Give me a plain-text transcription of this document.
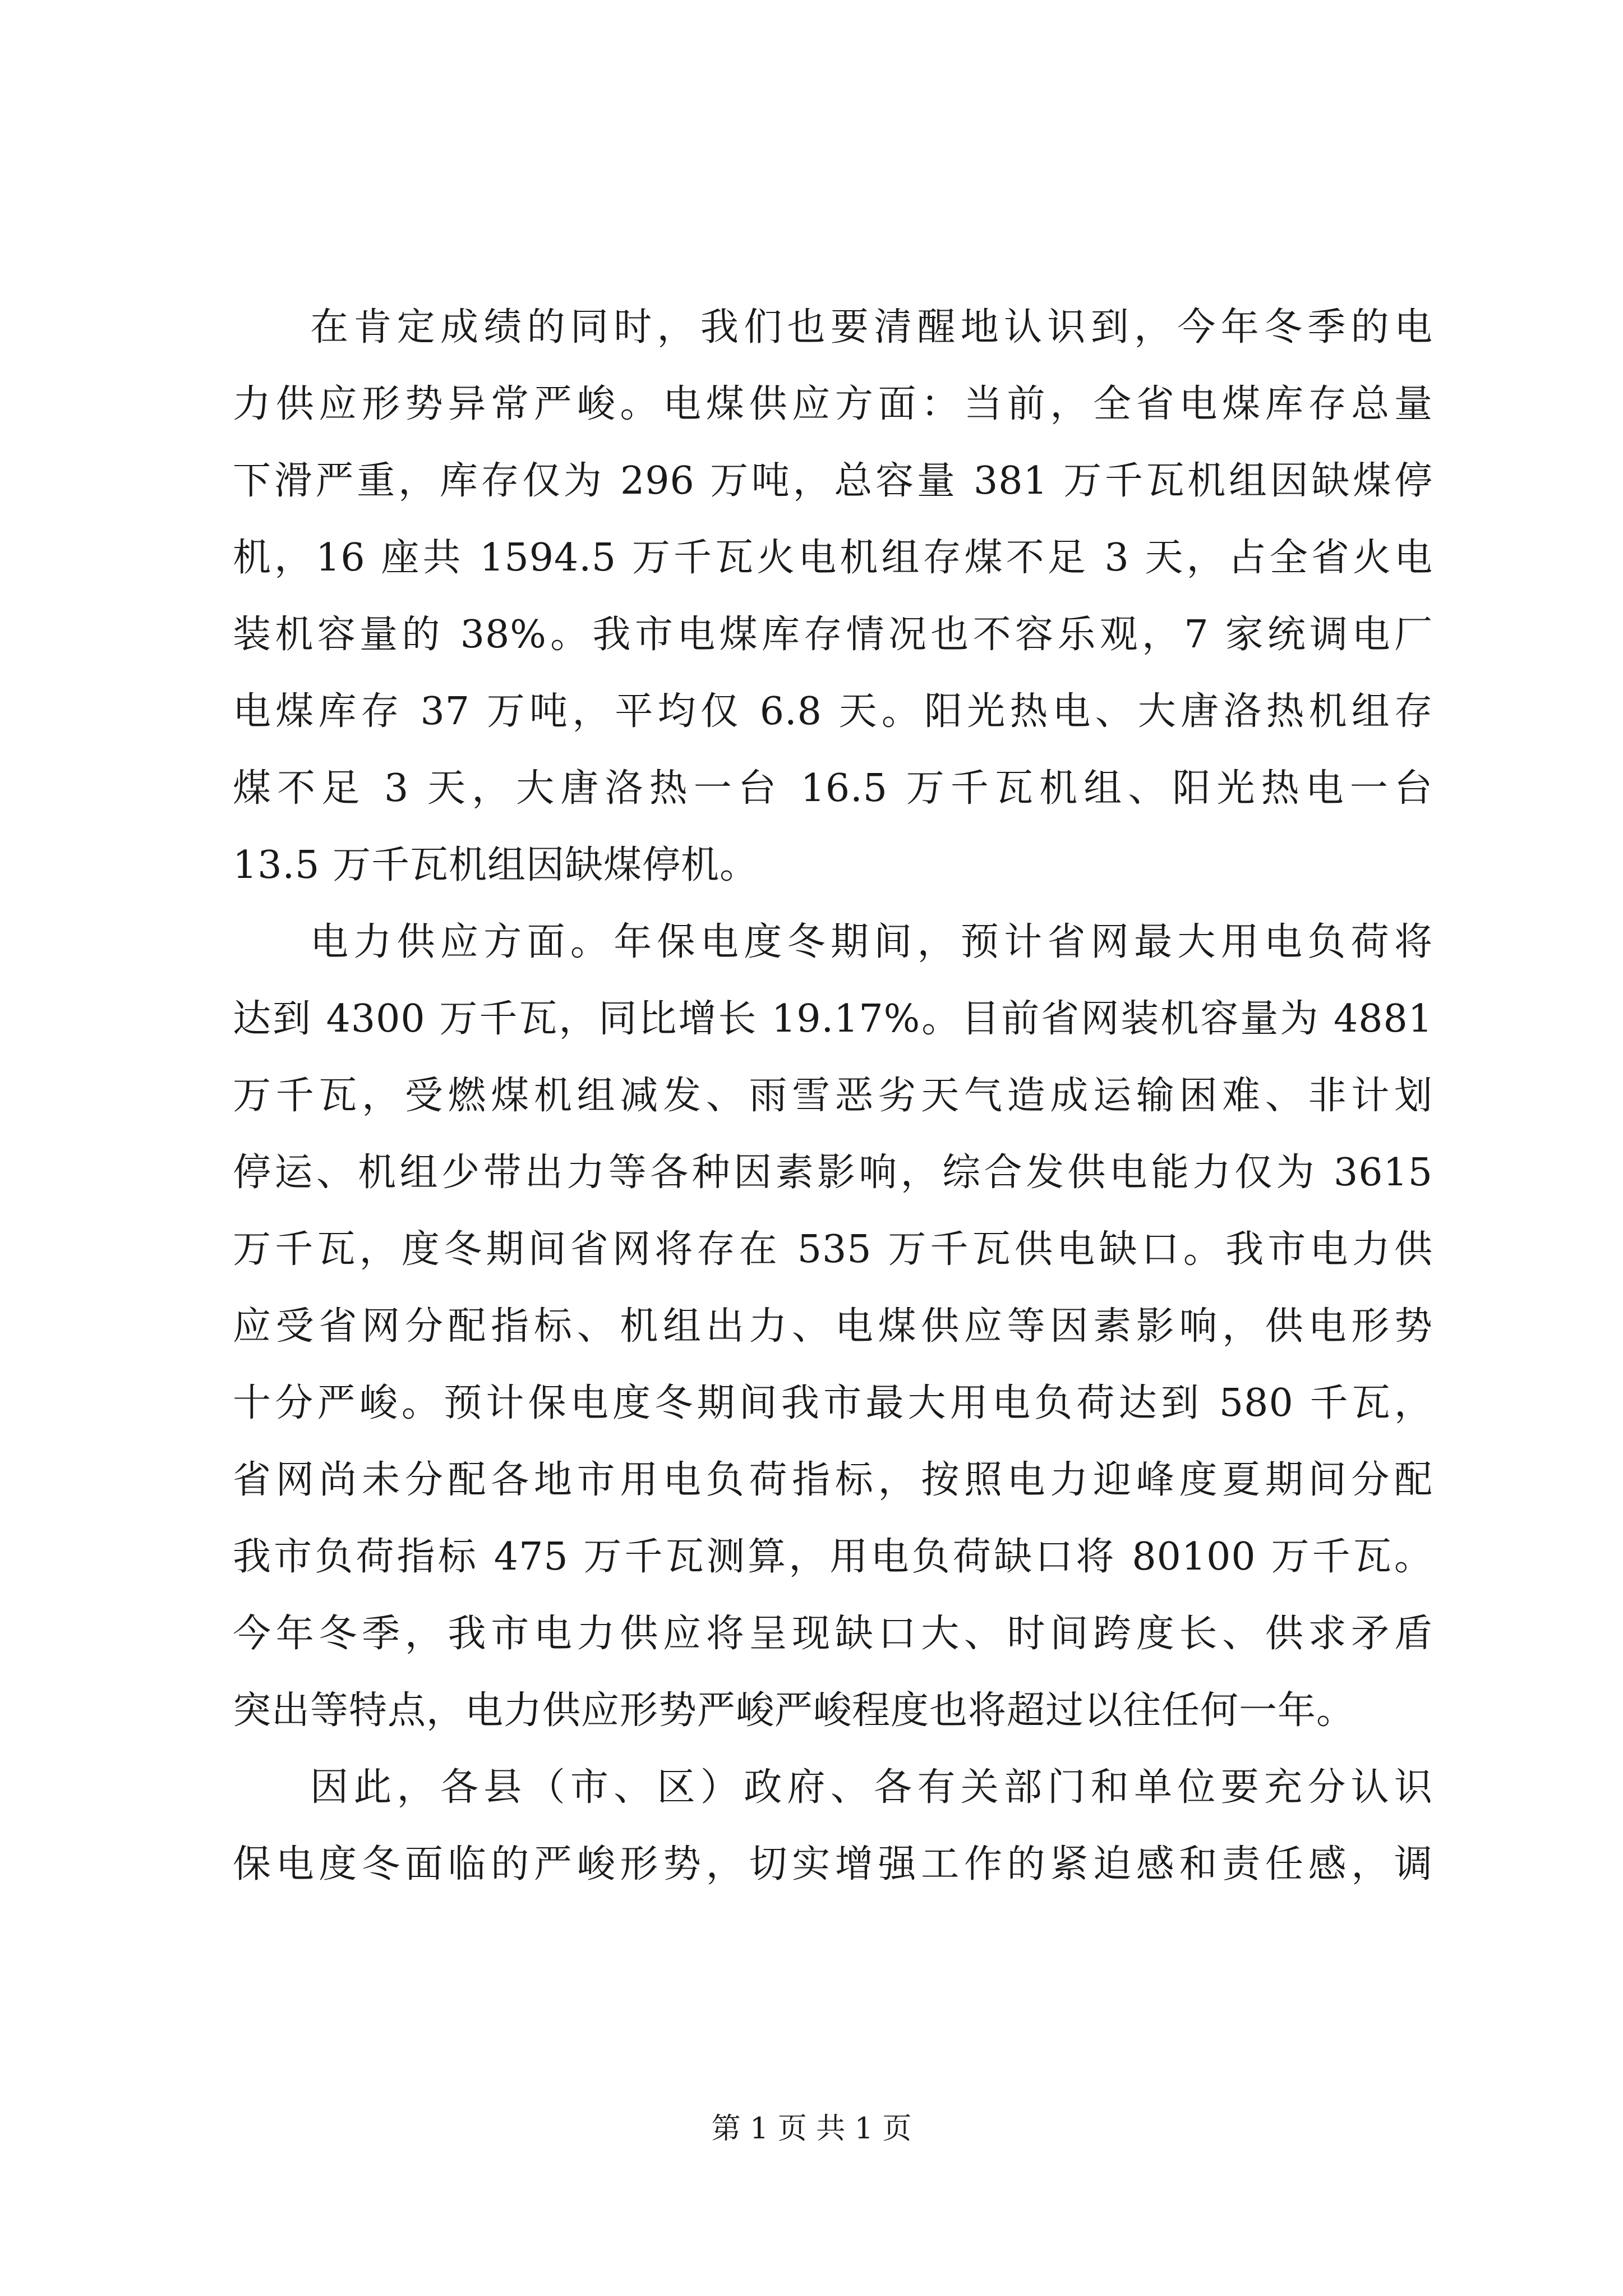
在肯定成绩的同时，我们也要清醒地认识到，今年冬季的电
力供应形势异常严峻。电煤供应方面：当前，全省电煤库存总量
下滑严重，库存仅为 296 万吨，总容量 381 万千瓦机组因缺煤停
机，16 座共 1594.5 万千瓦火电机组存煤不足 3 天，占全省火电
装机容量的 38%。我市电煤库存情况也不容乐观，7 家统调电厂
电煤库存 37 万吨，平均仅 6.8 天。阳光热电、大唐洛热机组存
煤不足 3 天，大唐洛热一台 16.5 万千瓦机组、阳光热电一台
13.5 万千瓦机组因缺煤停机。
电力供应方面。年保电度冬期间，预计省网最大用电负荷将
达到 4300 万千瓦，同比增长 19.17%。目前省网装机容量为 4881
万千瓦，受燃煤机组减发、雨雪恶劣天气造成运输困难、非计划
停运、机组少带出力等各种因素影响，综合发供电能力仅为 3615
万千瓦，度冬期间省网将存在 535 万千瓦供电缺口。我市电力供
应受省网分配指标、机组出力、电煤供应等因素影响，供电形势
十分严峻。预计保电度冬期间我市最大用电负荷达到 580 千瓦，
省网尚未分配各地市用电负荷指标，按照电力迎峰度夏期间分配
我市负荷指标 475 万千瓦测算，用电负荷缺口将 80100 万千瓦。
今年冬季，我市电力供应将呈现缺口大、时间跨度长、供求矛盾
突出等特点，电力供应形势严峻严峻程度也将超过以往任何一年。
因此，各县（市、区）政府、各有关部门和单位要充分认识
保电度冬面临的严峻形势，切实增强工作的紧迫感和责任感，调
第 1 页 共 1 页
